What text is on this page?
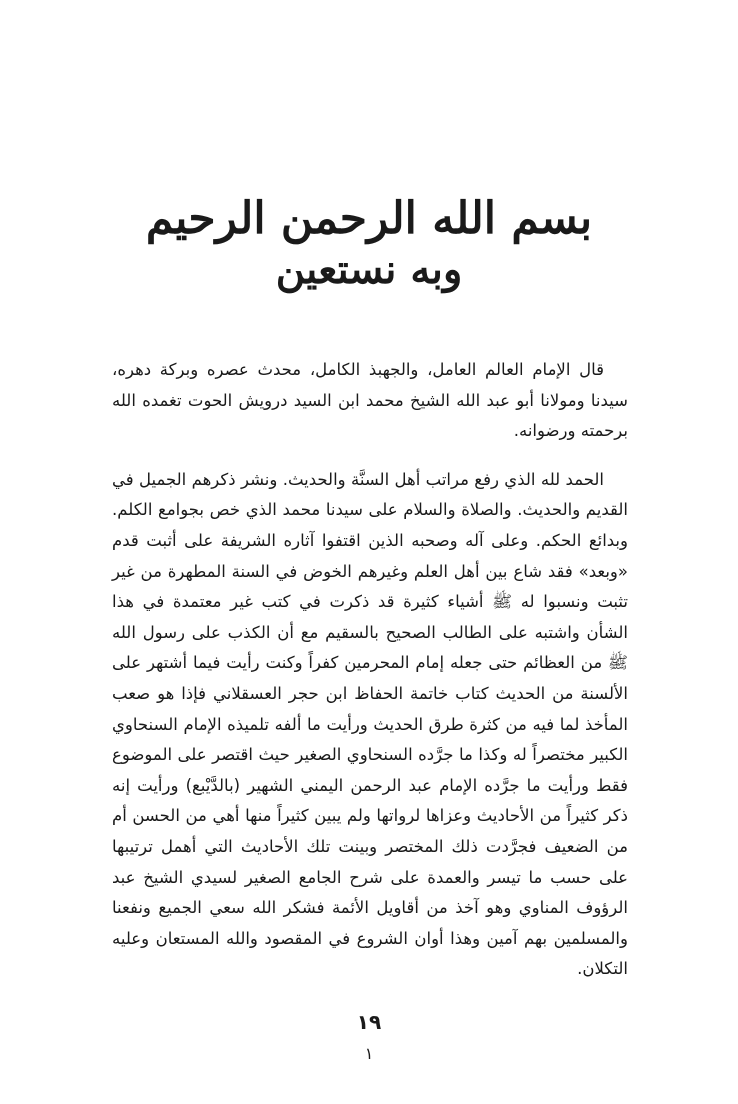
بسم الله الرحمن الرحيم
وبه نستعين

قال الإمام العالم العامل، والجهبذ الكامل، محدث عصره وبركة دهره، سيدنا ومولانا أبو عبد الله الشيخ محمد ابن السيد درويش الحوت تغمده الله برحمته ورضوانه.

الحمد لله الذي رفع مراتب أهل السنَّة والحديث. ونشر ذكرهم الجميل في القديم والحديث. والصلاة والسلام على سيدنا محمد الذي خص بجوامع الكلم. وبدائع الحكم. وعلى آله وصحبه الذين اقتفوا آثاره الشريفة على أثبت قدم «وبعد» فقد شاع بين أهل العلم وغيرهم الخوض في السنة المطهرة من غير تثبت ونسبوا له ﷺ أشياء كثيرة قد ذكرت في كتب غير معتمدة في هذا الشأن واشتبه على الطالب الصحيح بالسقيم مع أن الكذب على رسول الله ﷺ من العظائم حتى جعله إمام المحرمين كفراً وكنت رأيت فيما أشتهر على الألسنة من الحديث كتاب خاتمة الحفاظ ابن حجر العسقلاني فإذا هو صعب المأخذ لما فيه من كثرة طرق الحديث ورأيت ما ألفه تلميذه الإمام السنحاوي الكبير مختصراً له وكذا ما جرَّده السنحاوي الصغير حيث اقتصر على الموضوع فقط ورأيت ما جرَّده الإمام عبد الرحمن اليمني الشهير (بالدَّيْبع) ورأيت إنه ذكر كثيراً من الأحاديث وعزاها لرواتها ولم يبين كثيراً منها أهي من الحسن أم من الضعيف فجرَّدت ذلك المختصر وبينت تلك الأحاديث التي أهمل ترتيبها على حسب ما تيسر والعمدة على شرح الجامع الصغير لسيدي الشيخ عبد الرؤوف المناوي وهو آخذ من أقاويل الأئمة فشكر الله سعي الجميع ونفعنا والمسلمين بهم آمين وهذا أوان الشروع في المقصود والله المستعان وعليه التكلان.

١٩
١
